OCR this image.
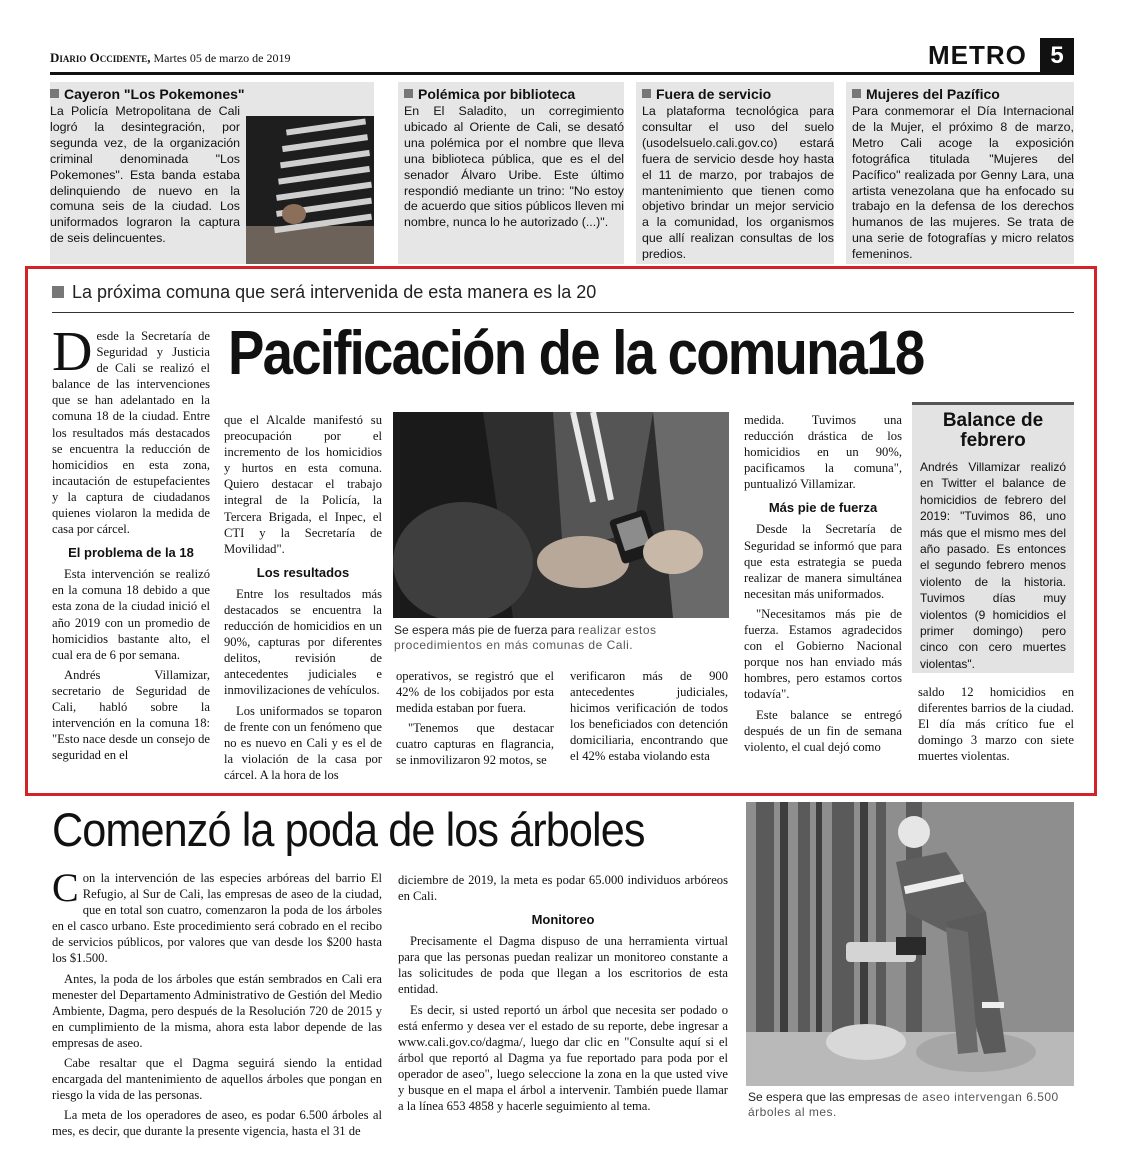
Diario Occidente, Martes 05 de marzo de 2019	METRO 5
Cayeron "Los Pokemones"

La Policía Metropolitana de Cali logró la desintegración, por segunda vez, de la organización criminal denominada "Los Pokemones". Esta banda estaba delinquiendo de nuevo en la comuna seis de la ciudad. Los uniformados lograron la captura de seis delincuentes.

Polémica por biblioteca

En El Saladito, un corregimiento ubicado al Oriente de Cali, se desató una polémica por el nombre que lleva una biblioteca pública, que es el del senador Álvaro Uribe. Este último respondió mediante un trino: "No estoy de acuerdo que sitios públicos lleven mi nombre, nunca lo he autorizado (...)".

Fuera de servicio

La plataforma tecnológica para consultar el uso del suelo (usodelsuelo.cali.gov.co) estará fuera de servicio desde hoy hasta el 11 de marzo, por trabajos de mantenimiento que tienen como objetivo brindar un mejor servicio a la comunidad, los organismos que allí realizan consultas de los predios.

Mujeres del Pazífico

Para conmemorar el Día Internacional de la Mujer, el próximo 8 de marzo, Metro Cali acoge la exposición fotográfica titulada "Mujeres del Pacífico" realizada por Genny Lara, una artista venezolana que ha enfocado su trabajo en la defensa de los derechos humanos de las mujeres. Se trata de una serie de fotografías y micro relatos femeninos.

La próxima comuna que será intervenida de esta manera es la 20
Pacificación de la comuna18

Desde la Secretaría de Seguridad y Justicia de Cali se realizó el balance de las intervenciones que se han adelantado en la comuna 18 de la ciudad. Entre los resultados más destacados se encuentra la reducción de homicidios en esta zona, incautación de estupefacientes y la captura de ciudadanos quienes violaron la medida de casa por cárcel.

El problema de la 18

Esta intervención se realizó en la comuna 18 debido a que esta zona de la ciudad inició el año 2019 con un promedio de homicidios bastante alto, el cual era de 6 por semana.

Andrés Villamizar, secretario de Seguridad de Cali, habló sobre la intervención en la comuna 18: "Esto nace desde un consejo de seguridad en el

que el Alcalde manifestó su preocupación por el incremento de los homicidios y hurtos en esta comuna. Quiero destacar el trabajo integral de la Policía, la Tercera Brigada, el Inpec, el CTI y la Secretaría de Movilidad".

Los resultados

Entre los resultados más destacados se encuentra la reducción de homicidios en un 90%, capturas por diferentes delitos, revisión de antecedentes judiciales e inmovilizaciones de vehículos.

Los uniformados se toparon de frente con un fenómeno que no es nuevo en Cali y es el de la violación de la casa por cárcel. A la hora de los

Se espera más pie de fuerza para realizar estos procedimientos en más comunas de Cali.

operativos, se registró que el 42% de los cobijados por esta medida estaban por fuera.

"Tenemos que destacar cuatro capturas en flagrancia, se inmovilizaron 92 motos, se

verificaron más de 900 antecedentes judiciales, hicimos verificación de todos los beneficiados con detención domiciliaria, encontrando que el 42% estaba violando esta

medida. Tuvimos una reducción drástica de los homicidios en un 90%, pacificamos la comuna", puntualizó Villamizar.

Más pie de fuerza

Desde la Secretaría de Seguridad se informó que para que esta estrategia se pueda realizar de manera simultánea necesitan más uniformados.

"Necesitamos más pie de fuerza. Estamos agradecidos con el Gobierno Nacional porque nos han enviado más hombres, pero estamos cortos todavía".

Este balance se entregó después de un fin de semana violento, el cual dejó como

Balance de febrero

Andrés Villamizar realizó en Twitter el balance de homicidios de febrero del 2019: "Tuvimos 86, uno más que el mismo mes del año pasado. Es entonces el segundo febrero menos violento de la historia. Tuvimos días muy violentos (9 homicidios el primer domingo) pero cinco con cero muertes violentas".

saldo 12 homicidios en diferentes barrios de la ciudad. El día más crítico fue el domingo 3 marzo con siete muertes violentas.

Comenzó la poda de los árboles

Con la intervención de las especies arbóreas del barrio El Refugio, al Sur de Cali, las empresas de aseo de la ciudad, que en total son cuatro, comenzaron la poda de los árboles en el casco urbano. Este procedimiento será cobrado en el recibo de servicios públicos, por valores que van desde los $200 hasta los $1.500.

Antes, la poda de los árboles que están sembrados en Cali era menester del Departamento Administrativo de Gestión del Medio Ambiente, Dagma, pero después de la Resolución 720 de 2015 y en cumplimiento de la misma, ahora esta labor depende de las empresas de aseo.

Cabe resaltar que el Dagma seguirá siendo la entidad encargada del mantenimiento de aquellos árboles que pongan en riesgo la vida de las personas.

La meta de los operadores de aseo, es podar 6.500 árboles al mes, es decir, que durante la presente vigencia, hasta el 31 de

diciembre de 2019, la meta es podar 65.000 individuos arbóreos en Cali.

Monitoreo

Precisamente el Dagma dispuso de una herramienta virtual para que las personas puedan realizar un monitoreo constante a las solicitudes de poda que llegan a los escritorios de esta entidad.

Es decir, si usted reportó un árbol que necesita ser podado o está enfermo y desea ver el estado de su reporte, debe ingresar a www.cali.gov.co/dagma/, luego dar clic en "Consulte aquí si el árbol que reportó al Dagma ya fue reportado para poda por el operador de aseo", luego seleccione la zona en la que usted vive y busque en el mapa el árbol a intervenir. También puede llamar a la línea 653 4858 y hacerle seguimiento al tema.

Se espera que las empresas de aseo intervengan 6.500 árboles al mes.
